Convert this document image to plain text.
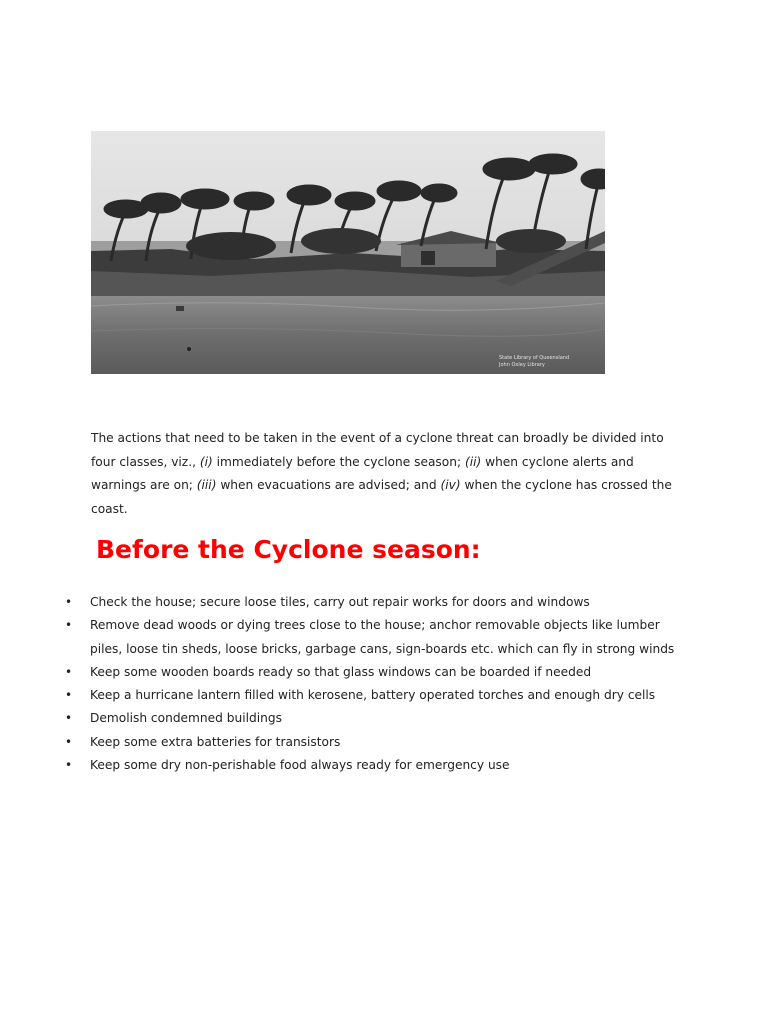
State Library of Queensland
John Oxley Library

The actions that need to be taken in the event of a cyclone threat can broadly be divided into four classes, viz., (i) immediately before the cyclone season; (ii) when cyclone alerts and warnings are on; (iii) when evacuations are advised; and (iv) when the cyclone has crossed the coast.

Before the Cyclone season:
• Check the house; secure loose tiles, carry out repair works for doors and windows
• Remove dead woods or dying trees close to the house; anchor removable objects like lumber piles, loose tin sheds, loose bricks, garbage cans, sign-boards etc. which can fly in strong winds
• Keep some wooden boards ready so that glass windows can be boarded if needed
• Keep a hurricane lantern filled with kerosene, battery operated torches and enough dry cells
• Demolish condemned buildings
• Keep some extra batteries for transistors
• Keep some dry non-perishable food always ready for emergency use
